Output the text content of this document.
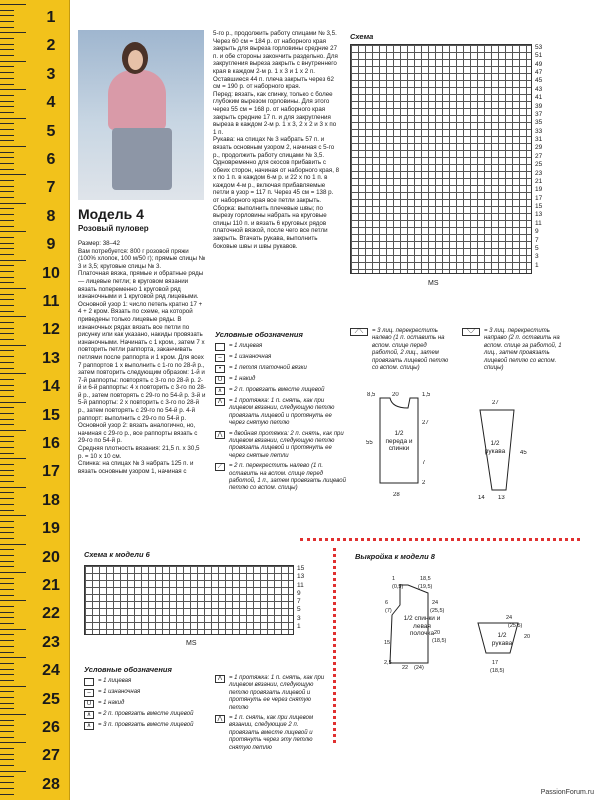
1
2
3
4
5
6
7
8
9
10
11
12
13
14
15
16
17
18
19
20
21
22
23
24
25
26
27
28
Модель 4
Розовый пуловер

Размер: 38–42

Вам потребуется: 800 г розовой пряжи (100% хлопок, 100 м/50 г); прямые спицы № 3 и 3,5; круговые спицы № 3.

Платочная вязка, прямые и обратные ряды — лицевые петли; в круговом вязании вязать попеременно 1 круговой ряд изнаночными и 1 круговой ряд лицевыми.

Основной узор 1: число петель кратно 17 + 4 + 2 кром. Вязать по схеме, на которой приведены только лицевые ряды. В изнаночных рядах вязать все петли по рисунку или как указано, накиды провязать изнаночными. Начинать с 1 кром., затем 7 х повторить петли раппорта, заканчивать петлями после раппорта и 1 кром. Для всех 7 раппортов 1 х выполнить с 1-го по 28-й р., затем повторить следующим образом: 1-й и 7-й раппорты: повторять с 3-го по 28-й р. 2-й и 6-й раппорты: 4 х повторить с 3-го по 28-й р., затем повторять с 29-го по 54-й р. 3-й и 5-й раппорты: 2 х повторить с 3-го по 28-й р., затем повторять с 29-го по 54-й р. 4-й раппорт: выполнить с 29-го по 54-й р.

Основной узор 2: вязать аналогично, но, начиная с 29-го р., все раппорты вязать с 29-го по 54-й р.

Средняя плотность вязания: 21,5 п. х 30,5 р. = 10 х 10 см.

Спинка: на спицах № 3 набрать 125 п. и вязать основным узором 1, начиная с

5-го р., продолжить работу спицами № 3,5. Через 60 см = 184 р. от наборного края закрыть для выреза горловины средние 27 п. и обе стороны закончить раздельно. Для закругления выреза закрыть с внутреннего края в каждом 2-м р. 1 х 3 и 1 х 2 п. Оставшиеся 44 п. плеча закрыть через 62 см = 190 р. от наборного края.

Перед: вязать, как спинку, только с более глубоким вырезом горловины. Для этого через 55 см = 168 р. от наборного края закрыть средние 17 п. и для закругления выреза в каждом 2-м р. 1 х 3, 2 х 2 и 3 х по 1 п.

Рукава: на спицах № 3 набрать 57 п. и вязать основным узором 2, начиная с 5-го р., продолжить работу спицами № 3,5. Одновременно для скосов прибавить с обеих сторон, начиная от наборного края, 8 х по 1 п. в каждом 6-м р. и 22 х по 1 п. в каждом 4-м р., включая прибавляемые петли в узор = 117 п. Через 45 см = 138 р. от наборного края все петли закрыть.

Сборка: выполнить плечевые швы; по вырезу горловины набрать на круговые спицы 110 п. и вязать 6 круговых рядов платочной вязкой, после чего все петли закрыть. Втачать рукава, выполнить боковые швы и швы рукавов.

Схема
53
51
49
47
45
43
41
39
37
35
33
31
29
27
25
23
21
19
17
15
13
11
9
7
5
3
1
MS
Условные обозначения
= 1 лицевая
–	= 1 изнаночная
•	= 1 петля платочной вязки
U	= 1 накид
∧	= 2 п. провязать вместе лицевой
Λ	= 1 протяжка: 1 п. снять, как при лицевом вязании, следующую петлю провязать лицевой и протянуть ее через снятую петлю
⋀	= двойная протяжка: 2 п. снять, как при лицевом вязании, следующую петлю провязать лицевой и протянуть ее через снятые петли
⟋	= 2 п. перекрестить налево (1 п. оставить на вспом. спице перед работой, 1 п., затем провязать лицевой петлю со вспом. спицы)
⟋⟍	= 3 лиц. перекрестить налево (1 п. оставить на вспом. спице перед работой, 2 лиц., затем провязать лицевой петлю со вспом. спицы)
⟍⟋	= 3 лиц. перекрестить направо (2 п. оставить на вспом. спице за работой, 1 лиц., затем провязать лицевой петлю со вспом. спицы)
1/2 переда и спинки
8,5	20	1,5
55
27
7
2
28
1/2 рукава
27
45
14 13
Схема к модели 6
15
13
11
9
7
5
3
1
MS
Условные обозначения
= 1 лицевая
–	= 1 изнаночная
U	= 1 накид
∧	= 2 п. провязать вместе лицевой
∧	= 3 п. провязать вместе лицевой
Λ	= 1 протяжка: 1 п. снять, как при лицевом вязании, следующую петлю провязать лицевой и протянуть ее через снятую петлю
⋀	= 1 п. снять, как при лицевом вязании, следующие 2 п. провязать вместе лицевой и протянуть через эту петлю снятую петлю
Выкройка к модели 8
1/2 спинки и левая полочка	1/2 рукава
1
(0,5)
18,5
(19,5)
6
(7)
24
(25,5)
20
(18,5)
15
22 (24)
2,5
24
(25,5)
20
17
(18,5)
PassionForum.ru
